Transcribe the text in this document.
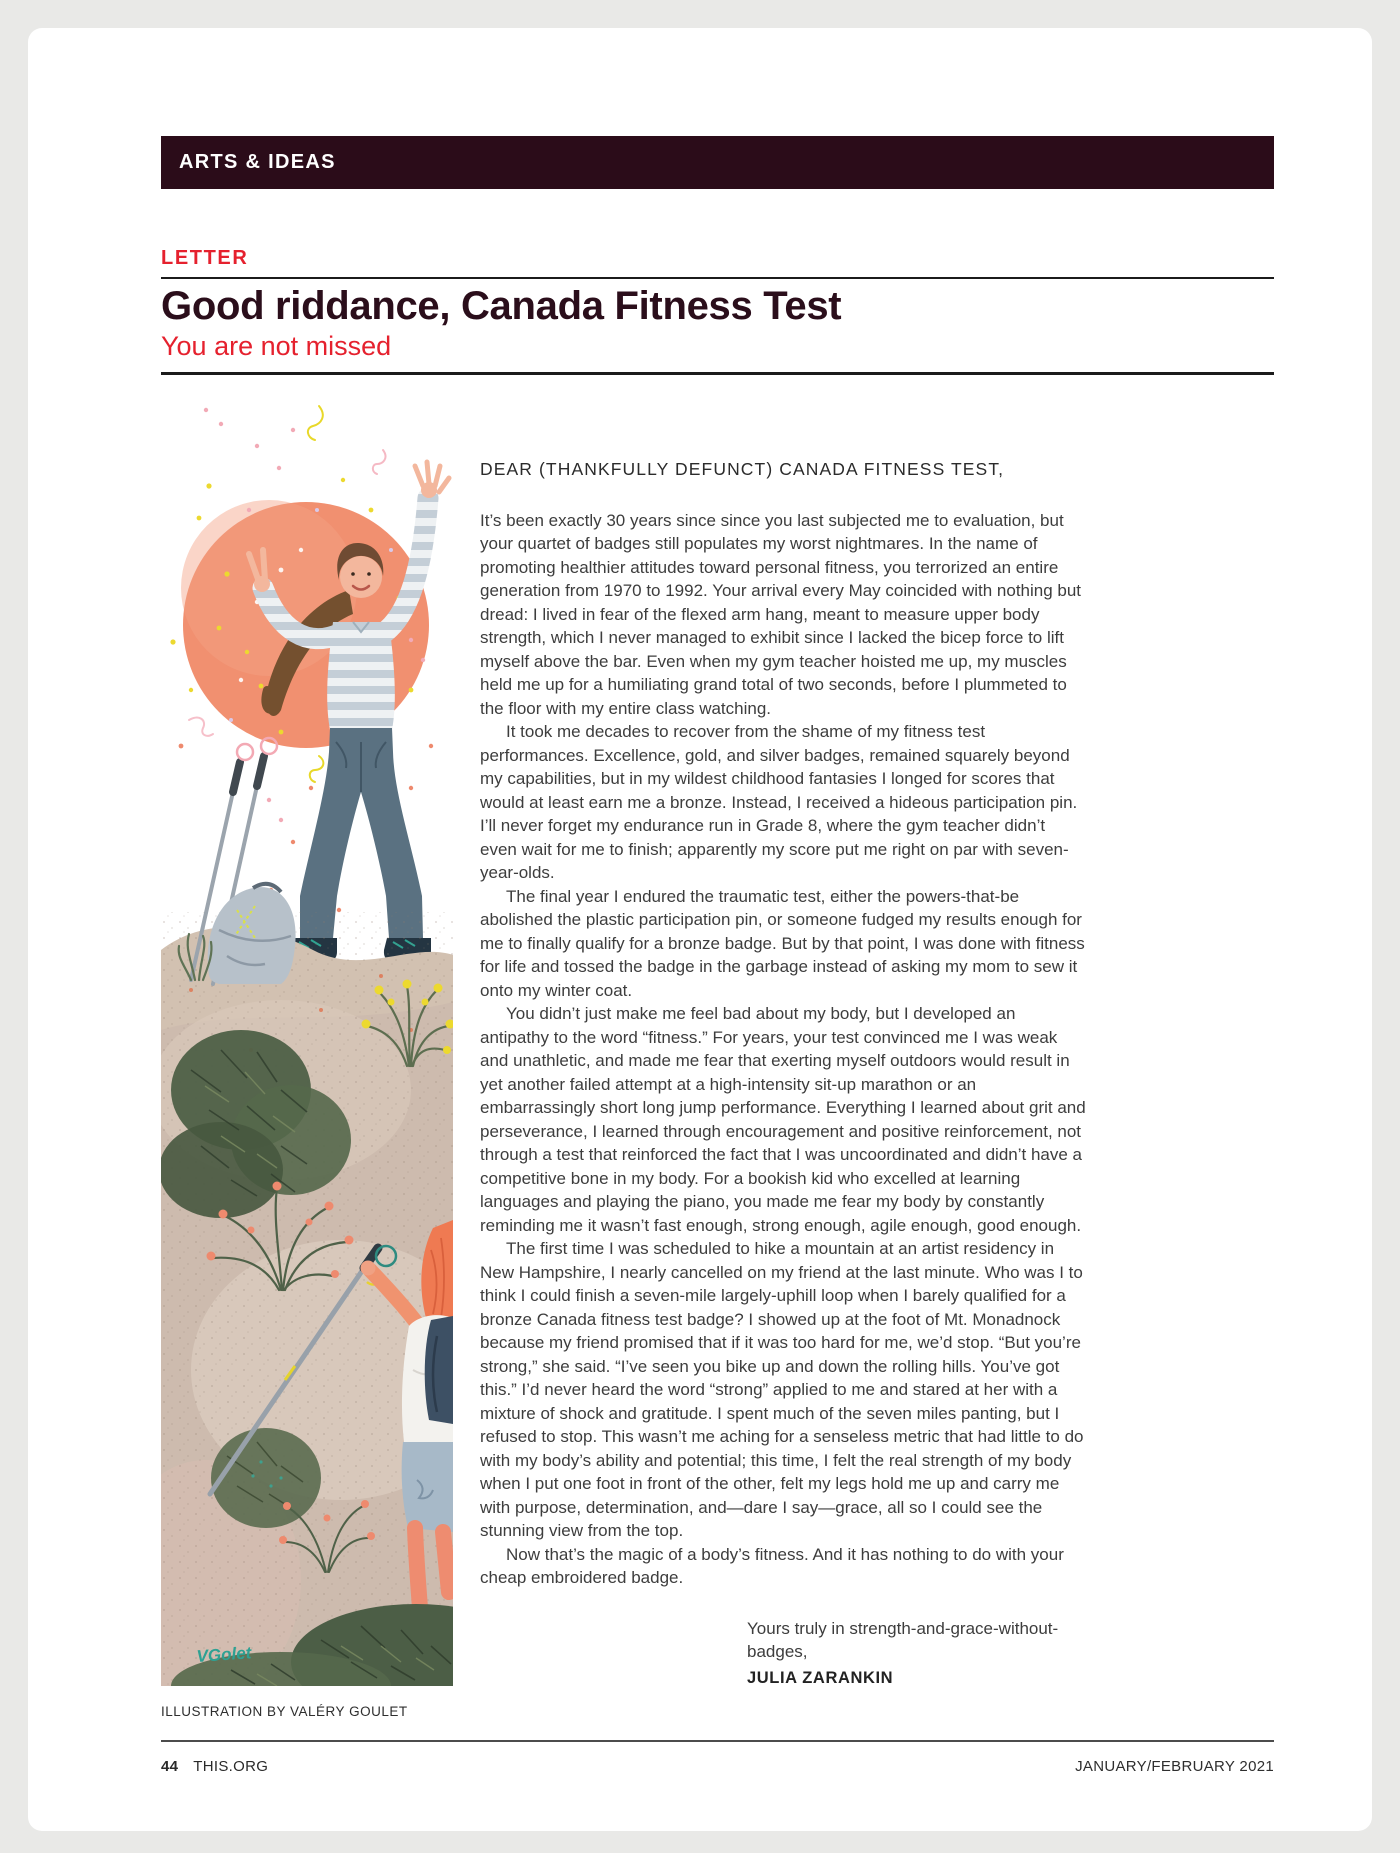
ARTS & IDEAS
LETTER
Good riddance, Canada Fitness Test
You are not missed
VGolet
ILLUSTRATION BY VALÉRY GOULET

DEAR (THANKFULLY DEFUNCT) CANADA FITNESS TEST,

It’s been exactly 30 years since since you last subjected me to evaluation, but your quartet of badges still populates my worst nightmares. In the name of promoting healthier attitudes toward personal fitness, you terrorized an entire generation from 1970 to 1992. Your arrival every May coincided with nothing but dread: I lived in fear of the flexed arm hang, meant to measure upper body strength, which I never managed to exhibit since I lacked the bicep force to lift myself above the bar. Even when my gym teacher hoisted me up, my muscles held me up for a humiliating grand total of two seconds, before I plummeted to the floor with my entire class watching.

It took me decades to recover from the shame of my fitness test performances. Excellence, gold, and silver badges, remained squarely beyond my capabilities, but in my wildest childhood fantasies I longed for scores that would at least earn me a bronze. Instead, I received a hideous participation pin. I’ll never forget my endurance run in Grade 8, where the gym teacher didn’t even wait for me to finish; apparently my score put me right on par with seven-year-olds.

The final year I endured the traumatic test, either the powers-that-be abolished the plastic participation pin, or someone fudged my results enough for me to finally qualify for a bronze badge. But by that point, I was done with fitness for life and tossed the badge in the garbage instead of asking my mom to sew it onto my winter coat.

You didn’t just make me feel bad about my body, but I developed an antipathy to the word “fitness.” For years, your test convinced me I was weak and unathletic, and made me fear that exerting myself outdoors would result in yet another failed attempt at a high-intensity sit-up marathon or an embarrassingly short long jump performance. Everything I learned about grit and perseverance, I learned through encouragement and positive reinforcement, not through a test that reinforced the fact that I was uncoordinated and didn’t have a competitive bone in my body. For a bookish kid who excelled at learning languages and playing the piano, you made me fear my body by constantly reminding me it wasn’t fast enough, strong enough, agile enough, good enough.

The first time I was scheduled to hike a mountain at an artist residency in New Hampshire, I nearly cancelled on my friend at the last minute. Who was I to think I could finish a seven-mile largely-uphill loop when I barely qualified for a bronze Canada fitness test badge? I showed up at the foot of Mt. Monadnock because my friend promised that if it was too hard for me, we’d stop. “But you’re strong,” she said. “I’ve seen you bike up and down the rolling hills. You’ve got this.” I’d never heard the word “strong” applied to me and stared at her with a mixture of shock and gratitude. I spent much of the seven miles panting, but I refused to stop. This wasn’t me aching for a senseless metric that had little to do with my body’s ability and potential; this time, I felt the real strength of my body when I put one foot in front of the other, felt my legs hold me up and carry me with purpose, determination, and—dare I say—grace, all so I could see the stunning view from the top.

Now that’s the magic of a body’s fitness. And it has nothing to do with your cheap embroidered badge.

Yours truly in strength-and-grace-without-badges,

JULIA ZARANKIN

44 THIS.ORG	JANUARY/FEBRUARY 2021
